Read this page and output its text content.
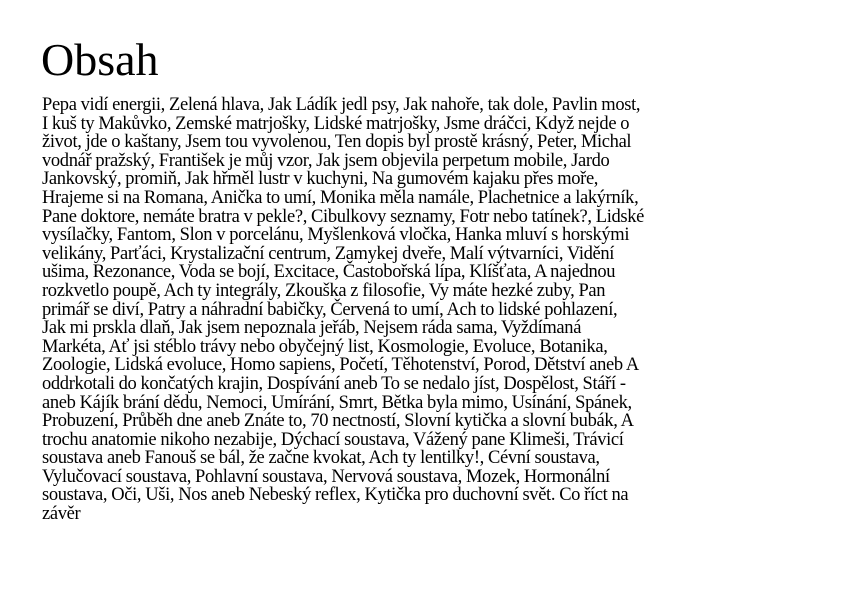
Obsah

Pepa vidí energii, Zelená hlava, Jak Ládík jedl psy, Jak nahoře, tak dole, Pavlin most,
I kuš ty Makůvko, Zemské matrjošky, Lidské matrjošky, Jsme dráčci, Když nejde o
život, jde o kaštany, Jsem tou vyvolenou, Ten dopis byl prostě krásný, Peter, Michal
vodnář pražský, František je můj vzor, Jak jsem objevila perpetum mobile, Jardo
Jankovský, promiň, Jak hřměl lustr v kuchyni, Na gumovém kajaku přes moře,
Hrajeme si na Romana, Anička to umí, Monika měla namále, Plachetnice a lakýrník,
Pane doktore, nemáte bratra v pekle?, Cibulkovy seznamy, Fotr nebo tatínek?, Lidské
vysílačky, Fantom, Slon v porcelánu, Myšlenková vločka, Hanka mluví s horskými
velikány, Parťáci, Krystalizační centrum, Zamykej dveře, Malí výtvarníci, Vidění
ušima, Rezonance, Voda se bojí, Excitace, Častobořská lípa, Klíšťata, A najednou
rozkvetlo poupě, Ach ty integrály, Zkouška z filosofie, Vy máte hezké zuby, Pan
primář se diví, Patry a náhradní babičky, Červená to umí, Ach to lidské pohlazení,
Jak mi prskla dlaň, Jak jsem nepoznala jeřáb, Nejsem ráda sama, Vyždímaná
Markéta, Ať jsi stéblo trávy nebo obyčejný list, Kosmologie, Evoluce, Botanika,
Zoologie, Lidská evoluce, Homo sapiens, Početí, Těhotenství, Porod, Dětství aneb A
oddrkotali do končatých krajin, Dospívání aneb To se nedalo jíst, Dospělost, Stáří -
aneb Kájík brání dědu, Nemoci, Umírání, Smrt, Bětka byla mimo, Usínání, Spánek,
Probuzení, Průběh dne aneb Znáte to, 70 nectností, Slovní kytička a slovní bubák, A
trochu anatomie nikoho nezabije, Dýchací soustava, Vážený pane Klimeši, Trávicí
soustava aneb Fanouš se bál, že začne kvokat, Ach ty lentilky!, Cévní soustava,
Vylučovací soustava, Pohlavní soustava, Nervová soustava, Mozek, Hormonální
soustava, Oči, Uši, Nos aneb Nebeský reflex, Kytička pro duchovní svět. Co říct na
závěr
